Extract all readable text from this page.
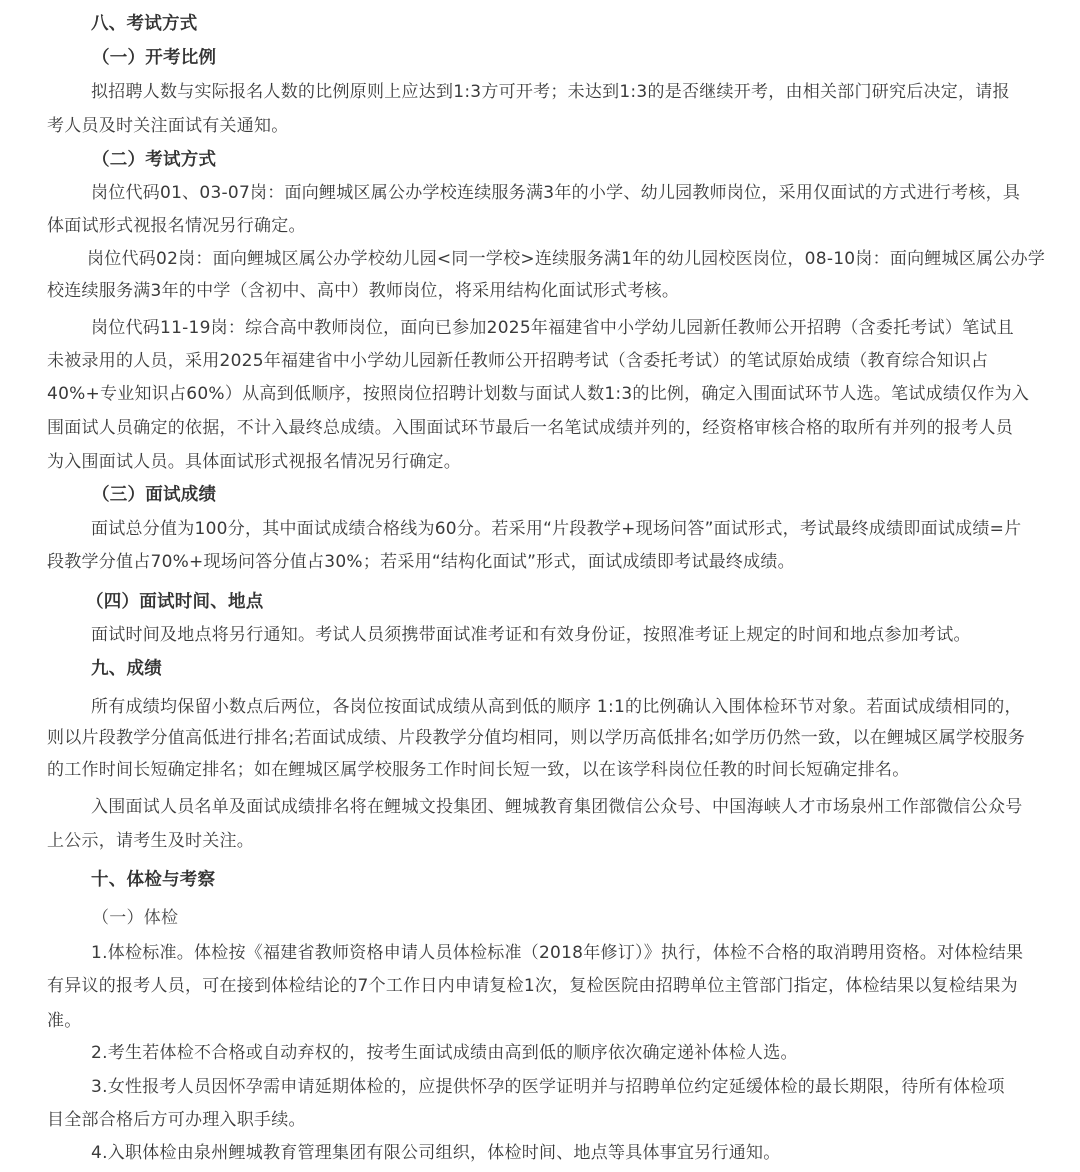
八、考试方式
（一）开考比例
拟招聘人数与实际报名人数的比例原则上应达到1:3方可开考；未达到1:3的是否继续开考，由相关部门研究后决定，请报
考人员及时关注面试有关通知。
（二）考试方式
岗位代码01、03-07岗：面向鲤城区属公办学校连续服务满3年的小学、幼儿园教师岗位，采用仅面试的方式进行考核，具
体面试形式视报名情况另行确定。
岗位代码02岗：面向鲤城区属公办学校幼儿园<同一学校>连续服务满1年的幼儿园校医岗位，08-10岗：面向鲤城区属公办学
校连续服务满3年的中学（含初中、高中）教师岗位，将采用结构化面试形式考核。
岗位代码11-19岗：综合高中教师岗位，面向已参加2025年福建省中小学幼儿园新任教师公开招聘（含委托考试）笔试且
未被录用的人员，采用2025年福建省中小学幼儿园新任教师公开招聘考试（含委托考试）的笔试原始成绩（教育综合知识占
40%+专业知识占60%）从高到低顺序，按照岗位招聘计划数与面试人数1:3的比例，确定入围面试环节人选。笔试成绩仅作为入
围面试人员确定的依据，不计入最终总成绩。入围面试环节最后一名笔试成绩并列的，经资格审核合格的取所有并列的报考人员
为入围面试人员。具体面试形式视报名情况另行确定。
（三）面试成绩
面试总分值为100分，其中面试成绩合格线为60分。若采用“片段教学+现场问答”面试形式，考试最终成绩即面试成绩=片
段教学分值占70%+现场问答分值占30%；若采用“结构化面试”形式，面试成绩即考试最终成绩。
（四）面试时间、地点
面试时间及地点将另行通知。考试人员须携带面试准考证和有效身份证，按照准考证上规定的时间和地点参加考试。
九、成绩
所有成绩均保留小数点后两位，各岗位按面试成绩从高到低的顺序 1:1的比例确认入围体检环节对象。若面试成绩相同的，
则以片段教学分值高低进行排名;若面试成绩、片段教学分值均相同，则以学历高低排名;如学历仍然一致，以在鲤城区属学校服务
的工作时间长短确定排名；如在鲤城区属学校服务工作时间长短一致，以在该学科岗位任教的时间长短确定排名。
入围面试人员名单及面试成绩排名将在鲤城文投集团、鲤城教育集团微信公众号、中国海峡人才市场泉州工作部微信公众号
上公示，请考生及时关注。
十、体检与考察
（一）体检
1.体检标准。体检按《福建省教师资格申请人员体检标准（2018年修订）》执行，体检不合格的取消聘用资格。对体检结果
有异议的报考人员，可在接到体检结论的7个工作日内申请复检1次，复检医院由招聘单位主管部门指定，体检结果以复检结果为
准。
2.考生若体检不合格或自动弃权的，按考生面试成绩由高到低的顺序依次确定递补体检人选。
3.女性报考人员因怀孕需申请延期体检的，应提供怀孕的医学证明并与招聘单位约定延缓体检的最长期限，待所有体检项
目全部合格后方可办理入职手续。
4.入职体检由泉州鲤城教育管理集团有限公司组织，体检时间、地点等具体事宜另行通知。
